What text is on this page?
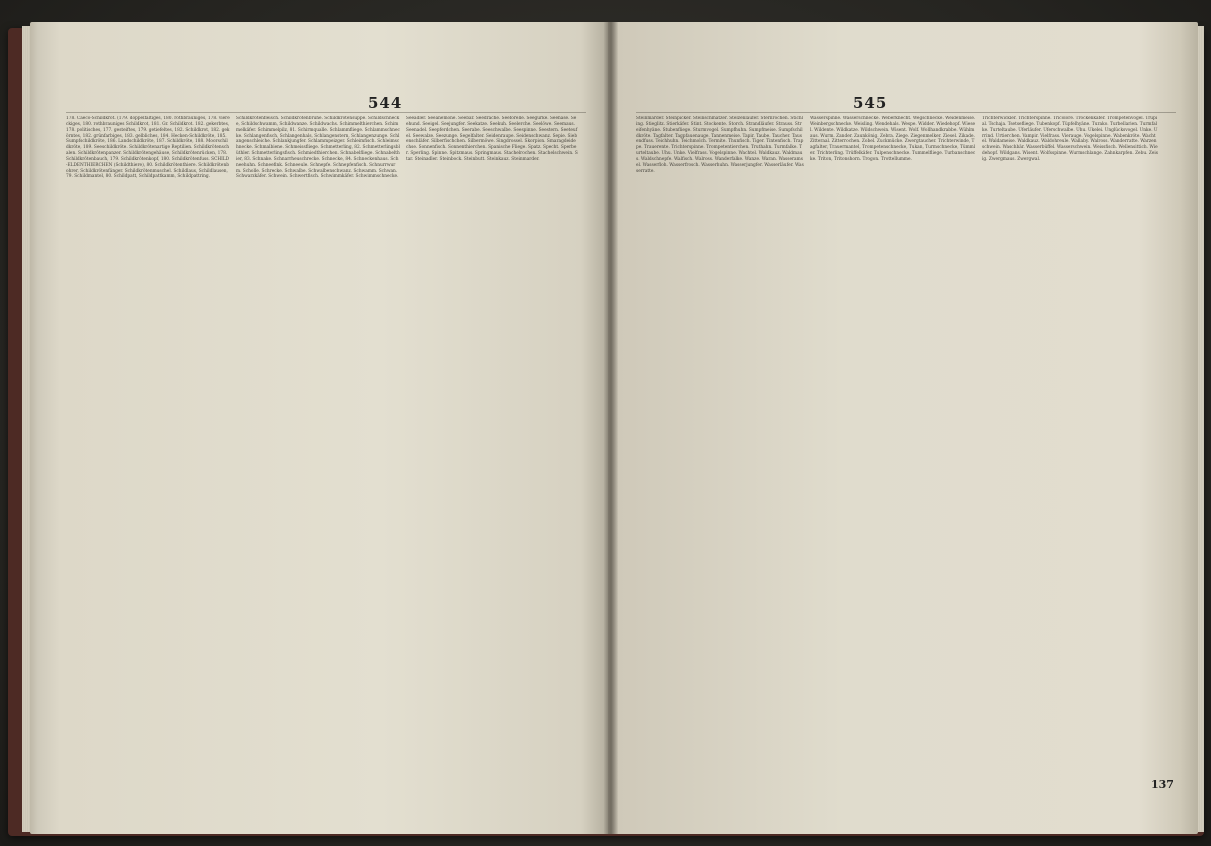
544
178. Caeco-Schildkrot. (179. doppelfaltiges, 180. rothbrauniges, 178. viereckiges, 180. rothbrauniges Schildkrot, 181. Gr. Schildkrot. 182. gekerbtes, 178. politisches, 177. gesteiftes, 179. getiefeltes, 182. Schildkrot, 182. gekörntes, 182. grünfarbiges, 183. gelbliches, 184. Hecken-Schildkröte, 185. Sumpfschildkröte, 186. Landschildkröte, 187. Schildkröte, 188. Moorschildkröte, 189. Seeschildkröte. Schildkrötenartige Reptilien. Schildkrötenschalen. Schildkrötenpanzer. Schildkrötengehäuse, Schildkrötenrücken, 178. Schildkrötenbauch, 179. Schildkrötenkopf, 180. Schildkrötenfuss. SCHILD-ELDENTHIERCHEN (Schildthiere), 80. Schildkrötenthiere. Schildkrötenbohrer, Schildkrötenfänger. Schildkrötenmuschel. Schildlaus, Schildlausen, 79. Schildmantel, 80. Schildpatt, Schildpattkamm, Schildpattring.
Schildkrötenfleisch. Schildkrötenbrühe. Schildkrötensuppe. Schildschnecke, Schildschwamm, Schildwanze. Schildwachs. Schimmelthierchen. Schimmelkäfer. Schimmelpilz, 81. Schirmqualle. Schlammfliege. Schlammschnecke. Schlangenfisch, Schlangenhals, Schlangenstern, Schlangenzunge. Schlangenschleiche. Schlankjungfer. Schlammpeizger. Schleimfisch. Schleimschnecke. Schmalbiene. Schmeissfliege. Schmetterling, 82. Schmetterlingsblüthler. Schmetterlingsfisch. Schmiedthierchen. Schnabelfliege. Schnabelthier, 83. Schnake. Schnarrheuschrecke. Schnecke, 84. Schneckenhaus. Schneehuhn. Schneefink. Schneeule. Schnepfe. Schnepfenfisch. Schnurrwurm. Scholle. Schrecke. Schwalbe. Schwalbenschwanz. Schwamm. Schwan. Schwarzkäfer. Schwein. Schwertfisch. Schwimmkäfer. Schwimmschnecke.
Seeadler. Seeanemone. Seebär. Seedrache. Seeforelle. Seegurke. Seehase. Seehund. Seeigel. Seejungfer. Seekatze. Seekuh. Seelerche. Seelöwe. Seemaus. Seenadel. Seepferdchen. Seerabe. Seeschwalbe. Seespinne. Seestern. Seeteufel. Seewalze. Seezunge. Segelfalter. Seidenraupe. Seidenschwanz. Sepie. Siebenschläfer. Silberfischchen. Silbermöwe. Singdrossel. Skorpion. Smaragdeidechse. Sonnenfisch. Sonnenthierchen. Spanische Fliege. Spatz. Specht. Sperber. Sperling. Spinne. Spitzmaus. Springmaus. Stachelrochen. Stachelschwein. Star. Steinadler. Steinbock. Steinbutt. Steinkauz. Steinmarder.
545
Steinmarder. Steinpicker. Steinschmätzer. Stelzenläufer. Sternrochen. Stichling. Stieglitz. Stierkäfer. Stint. Stockente. Storch. Strandläufer. Strauss. Streifenhyäne. Stubenfliege. Sturmvogel. Sumpfhuhn. Sumpfmeise. Sumpfschildkröte. Tagfalter. Tagpfauenauge. Tannenmeise. Tapir. Taube. Taucher. Tausendfuss. Teichhuhn. Teichmolch. Termite. Thunfisch. Tiger. Tintenfisch. Trappe. Trauerente. Trichterspinne. Trompetentierchen. Truthahn. Turmfalke. Turteltaube. Uhu. Unke. Vielfrass. Vogelspinne. Wachtel. Waldkauz. Waldmaus. Waldschnepfe. Walfisch. Walross. Wanderfalke. Wanze. Waran. Wasseramsel. Wasserfloh. Wasserfrosch. Wasserhuhn. Wasserjungfer. Wasserläufer. Wasserratte.
Wasserspinne. Wasserschnecke. Weberknecht. Wegschnecke. Weidenmeise. Weinbergschnecke. Weisling. Wendehals. Wespe. Widder. Wiedehopf. Wiesel. Wildente. Wildkatze. Wildschwein. Wisent. Wolf. Wollhandkrabbe. Wühlmaus. Wurm. Zander. Zaunkönig. Zebra. Ziege. Ziegenmelker. Ziesel. Zikade. Zitteraal. Zitterrochen. Zobel. Zuckmücke. Zwergtaucher. Trichterwinde, Tagfalter, Trauermantel, Trompetenschnecke, Tukan, Turmschnecke, Tümmler. Trichterling. Trüffelkäfer. Tulpenschnecke. Tummelfliege. Turbanschnecke. Triton, Tritonshorn. Trogon. Trottellumme.
Trichterwickler. Trichterspinne. Tricolore. Trockenkäfer. Trompetenvogel. Trupial. Tschaja. Tsetsefliege. Tubenkopf. Tüpfelhyäne. Turako. Turbellarien. Turmfalke. Turteltaube. Uferläufer. Uferschwalbe. Uhu. Ukelei. Unglücksvogel. Unke. Urrind. Urtierchen. Vampir. Vielfrass. Vierauge. Vogelspinne. Wabenkröte. Wachtel. Waldameise. Waldkauz. Waldohreule. Wallaby. Walross. Wanderratte. Warzenschwein. Waschbär. Wasserbüffel. Wasserschwein. Weissfisch. Wellensittich. Wiedehopf. Wildgans. Wisent. Wolfsspinne. Wurmschlange. Zahnkarpfen. Zebu. Zeisig. Zwergmaus. Zwergwal.
137
